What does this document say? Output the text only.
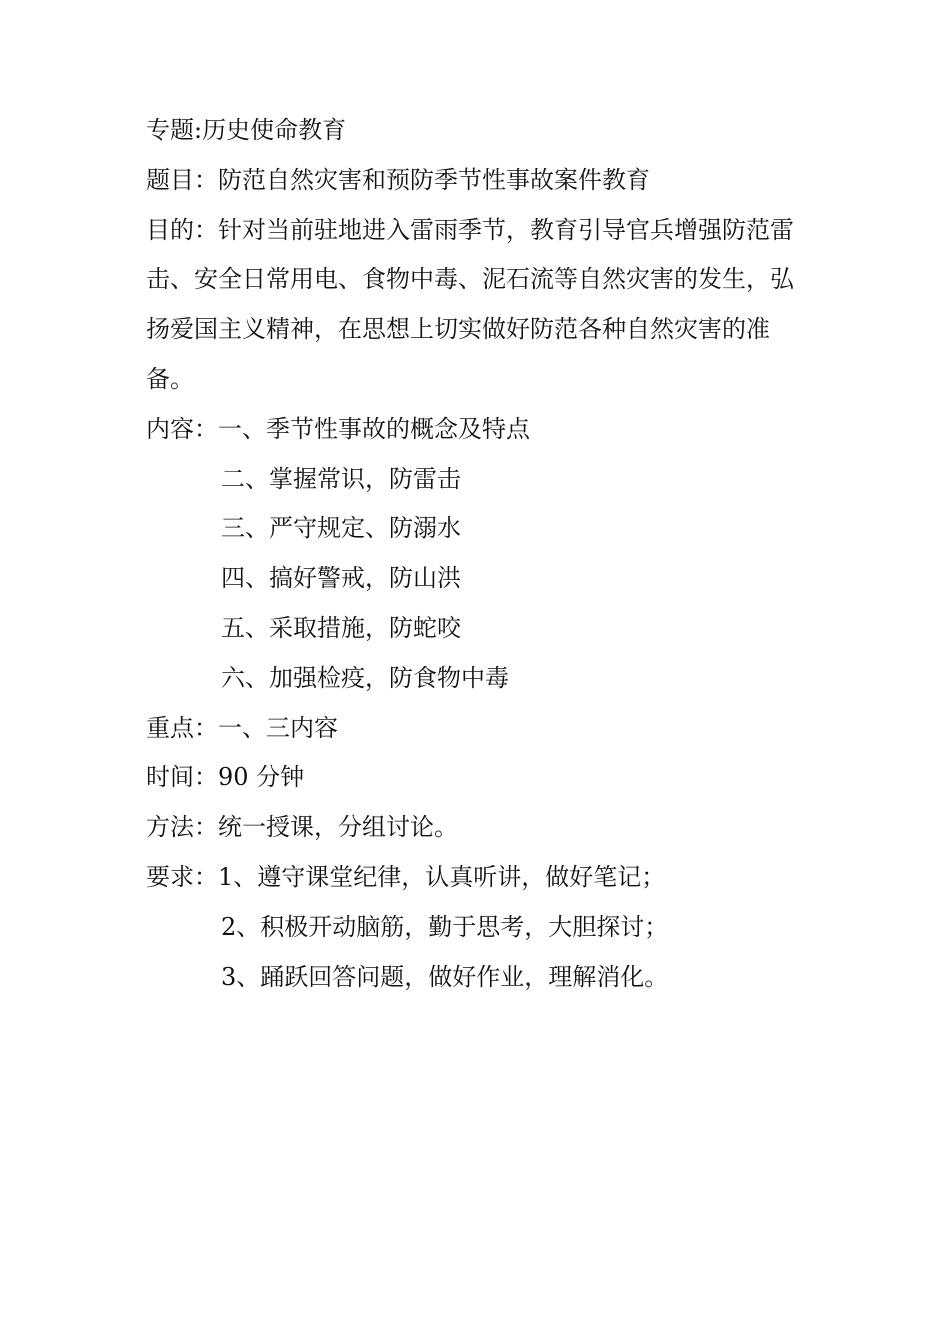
专题:历史使命教育
题目：防范自然灾害和预防季节性事故案件教育
目的：针对当前驻地进入雷雨季节，教育引导官兵增强防范雷击、安全日常用电、食物中毒、泥石流等自然灾害的发生，弘扬爱国主义精神，在思想上切实做好防范各种自然灾害的准备。
内容：一、季节性事故的概念及特点
二、掌握常识，防雷击
三、严守规定、防溺水
四、搞好警戒，防山洪
五、采取措施，防蛇咬
六、加强检疫，防食物中毒
重点：一、三内容
时间：90 分钟
方法：统一授课，分组讨论。
要求：1、遵守课堂纪律，认真听讲，做好笔记；
2、积极开动脑筋，勤于思考，大胆探讨；
3、踊跃回答问题，做好作业，理解消化。
